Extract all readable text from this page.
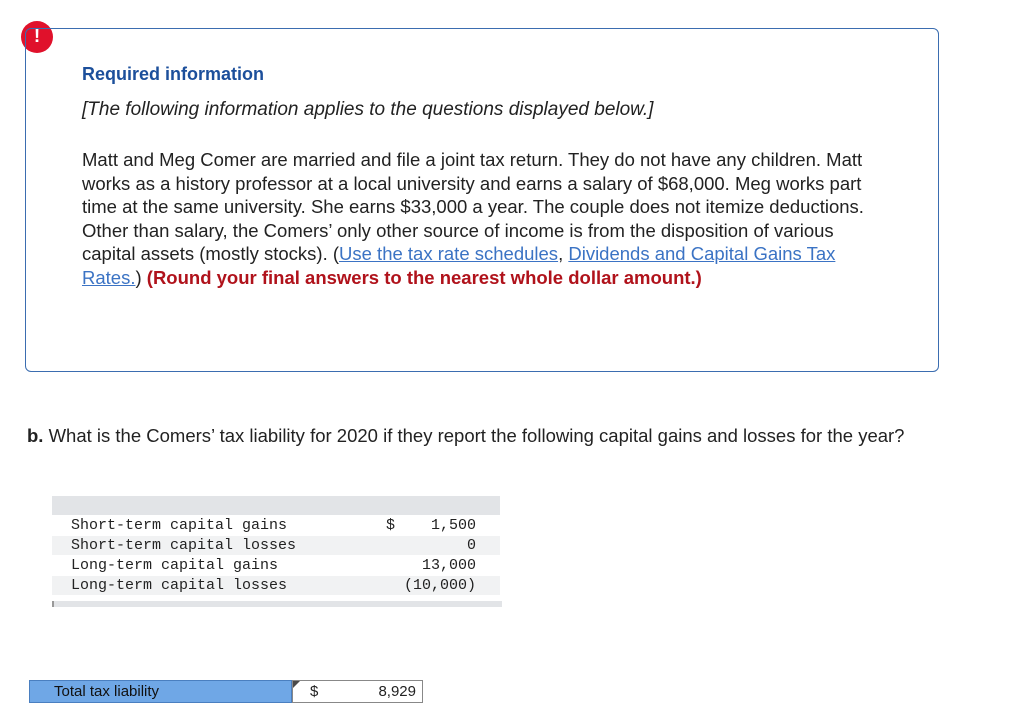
!
Required information
[The following information applies to the questions displayed below.]
Matt and Meg Comer are married and file a joint tax return. They do not have any children. Matt works as a history professor at a local university and earns a salary of $68,000. Meg works part time at the same university. She earns $33,000 a year. The couple does not itemize deductions. Other than salary, the Comers’ only other source of income is from the disposition of various capital assets (mostly stocks). (Use the tax rate schedules, Dividends and Capital Gains Tax Rates.) (Round your final answers to the nearest whole dollar amount.)
b. What is the Comers’ tax liability for 2020 if they report the following capital gains and losses for the year?
Short-term capital gains	$ 1,500
Short-term capital losses	0
Long-term capital gains	13,000
Long-term capital losses	(10,000)
Total tax liability	$	8,929
